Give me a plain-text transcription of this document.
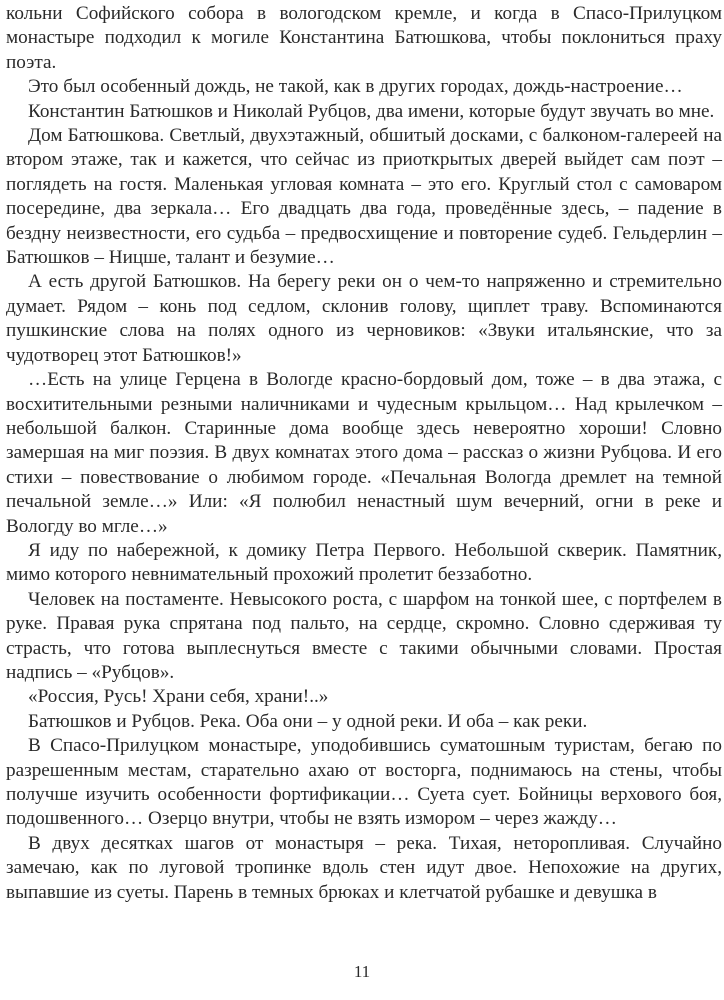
кольни Софийского собора в вологодском кремле, и когда в Спасо-Прилуцком монастыре подходил к могиле Константина Батюшкова, чтобы поклониться праху поэта.

Это был особенный дождь, не такой, как в других городах, дождь-настроение…

Константин Батюшков и Николай Рубцов, два имени, которые будут звучать во мне.

Дом Батюшкова. Светлый, двухэтажный, обшитый досками, с балконом-галереей на втором этаже, так и кажется, что сейчас из приоткрытых дверей выйдет сам поэт – поглядеть на гостя. Маленькая угловая комната – это его. Круглый стол с самоваром посередине, два зеркала… Его двадцать два года, проведённые здесь, – падение в бездну неизвестности, его судьба – предвосхищение и повторение судеб. Гельдерлин – Батюшков – Ницше, талант и безумие…

А есть другой Батюшков. На берегу реки он о чем-то напряженно и стремительно думает. Рядом – конь под седлом, склонив голову, щиплет траву. Вспоминаются пушкинские слова на полях одного из черновиков: «Звуки итальянские, что за чудотворец этот Батюшков!»

…Есть на улице Герцена в Вологде красно-бордовый дом, тоже – в два этажа, с восхитительными резными наличниками и чудесным крыльцом… Над крылечком – небольшой балкон. Старинные дома вообще здесь невероятно хороши! Словно замершая на миг поэзия. В двух комнатах этого дома – рассказ о жизни Рубцова. И его стихи – повествование о любимом городе. «Печальная Вологда дремлет на темной печальной земле…» Или: «Я полюбил ненастный шум вечерний, огни в реке и Вологду во мгле…»

Я иду по набережной, к домику Петра Первого. Небольшой скверик. Памятник, мимо которого невнимательный прохожий пролетит беззаботно.

Человек на постаменте. Невысокого роста, с шарфом на тонкой шее, с портфелем в руке. Правая рука спрятана под пальто, на сердце, скромно. Словно сдерживая ту страсть, что готова выплеснуться вместе с такими обычными словами. Простая надпись – «Рубцов».

«Россия, Русь! Храни себя, храни!..»

Батюшков и Рубцов. Река. Оба они – у одной реки. И оба – как реки.

В Спасо-Прилуцком монастыре, уподобившись суматошным туристам, бегаю по разрешенным местам, старательно ахаю от восторга, поднимаюсь на стены, чтобы получше изучить особенности фортификации… Суета сует. Бойницы верхового боя, подошвенного… Озерцо внутри, чтобы не взять измором – через жажду…

В двух десятках шагов от монастыря – река. Тихая, неторопливая. Случайно замечаю, как по луговой тропинке вдоль стен идут двое. Непохожие на других, выпавшие из суеты. Парень в темных брюках и клетчатой рубашке и девушка в

11
